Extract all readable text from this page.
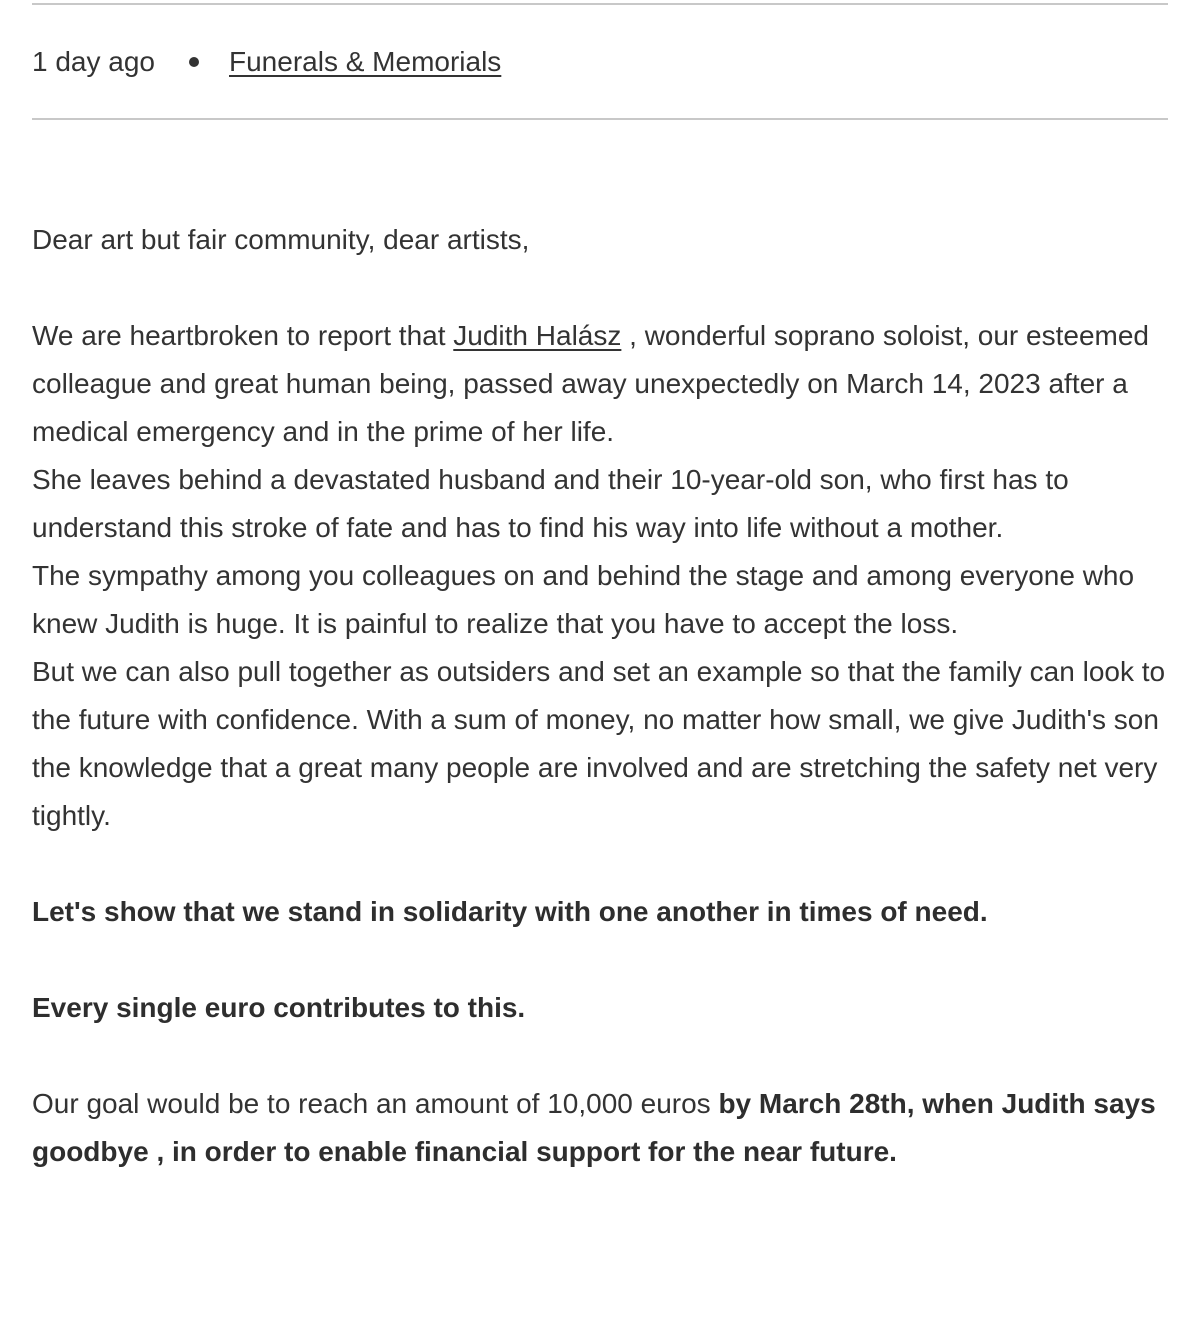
1 day ago	Funerals & Memorials

Dear art but fair community, dear artists,

We are heartbroken to report that Judith Halász , wonderful soprano soloist, our esteemed colleague and great human being, passed away unexpectedly on March 14, 2023 after a medical emergency and in the prime of her life.
She leaves behind a devastated husband and their 10-year-old son, who first has to understand this stroke of fate and has to find his way into life without a mother.
The sympathy among you colleagues on and behind the stage and among everyone who knew Judith is huge. It is painful to realize that you have to accept the loss.
But we can also pull together as outsiders and set an example so that the family can look to the future with confidence. With a sum of money, no matter how small, we give Judith's son the knowledge that a great many people are involved and are stretching the safety net very tightly.

Let's show that we stand in solidarity with one another in times of need.

Every single euro contributes to this.

Our goal would be to reach an amount of 10,000 euros by March 28th, when Judith says goodbye , in order to enable financial support for the near future.
